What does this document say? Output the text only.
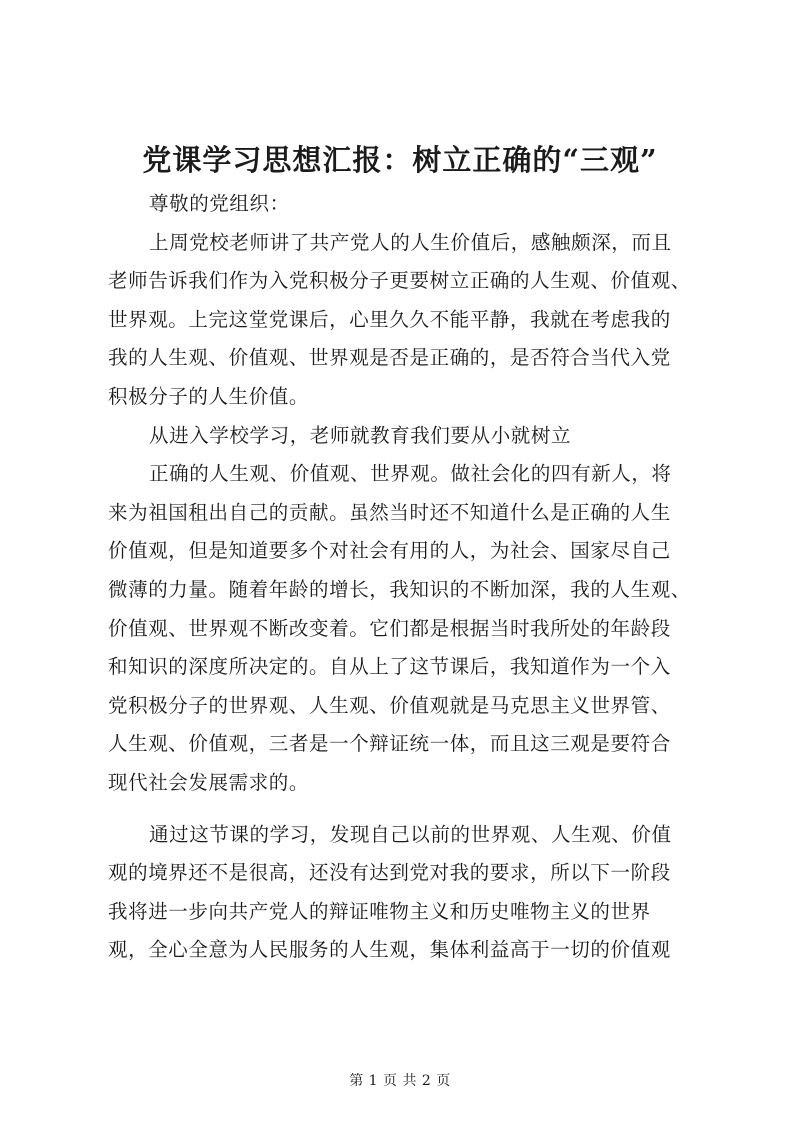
党课学习思想汇报：树立正确的“三观”
尊敬的党组织：
上周党校老师讲了共产党人的人生价值后，感触颇深，而且
老师告诉我们作为入党积极分子更要树立正确的人生观、价值观、
世界观。上完这堂党课后，心里久久不能平静，我就在考虑我的
我的人生观、价值观、世界观是否是正确的，是否符合当代入党
积极分子的人生价值。
从进入学校学习，老师就教育我们要从小就树立
正确的人生观、价值观、世界观。做社会化的四有新人，将
来为祖国租出自己的贡献。虽然当时还不知道什么是正确的人生
价值观，但是知道要多个对社会有用的人，为社会、国家尽自己
微薄的力量。随着年龄的增长，我知识的不断加深，我的人生观、
价值观、世界观不断改变着。它们都是根据当时我所处的年龄段
和知识的深度所决定的。自从上了这节课后，我知道作为一个入
党积极分子的世界观、人生观、价值观就是马克思主义世界管、
人生观、价值观，三者是一个辩证统一体，而且这三观是要符合
现代社会发展需求的。
通过这节课的学习，发现自己以前的世界观、人生观、价值
观的境界还不是很高，还没有达到党对我的要求，所以下一阶段
我将进一步向共产党人的辩证唯物主义和历史唯物主义的世界
观，全心全意为人民服务的人生观，集体利益高于一切的价值观
第 1 页 共 2 页
